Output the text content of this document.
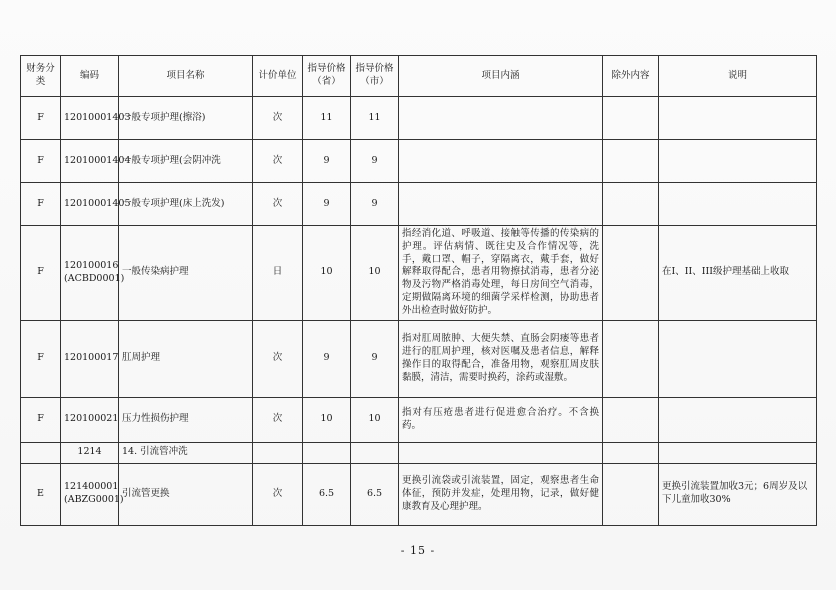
财务分类	编码	项目名称	计价单位	指导价格（省）	指导价格（市）	项目内涵	除外内容	说明
F	12010001403	一般专项护理(擦浴)	次	11	11			
F	12010001404	一般专项护理(会阴冲洗	次	9	9			
F	12010001405	一般专项护理(床上洗发)	次	9	9			
F	120100016 (ACBD0001)	一般传染病护理	日	10	10	指经消化道、呼吸道、接触等传播的传染病的护理。评估病情、既往史及合作情况等，洗手，戴口罩、帽子，穿隔离衣，戴手套，做好解释取得配合，患者用物擦拭消毒，患者分泌物及污物严格消毒处理，每日房间空气消毒，定期做隔离环境的细菌学采样检测，协助患者外出检查时做好防护。		在I、II、III级护理基础上收取
F	120100017	肛周护理	次	9	9	指对肛周脓肿、大便失禁、直肠会阴瘘等患者进行的肛周护理，核对医嘱及患者信息，解释操作目的取得配合，准备用物，观察肛周皮肤黏膜，清洁，需要时换药，涂药或湿敷。		
F	120100021	压力性损伤护理	次	10	10	指对有压疮患者进行促进愈合治疗。不含换药。		
	1214	14. 引流管冲洗						
E	121400001 (ABZG0001)	引流管更换	次	6.5	6.5	更换引流袋或引流装置，固定，观察患者生命体征，预防并发症，处理用物，记录，做好健康教育及心理护理。		更换引流装置加收3元；6周岁及以下儿童加收30%
- 15 -
